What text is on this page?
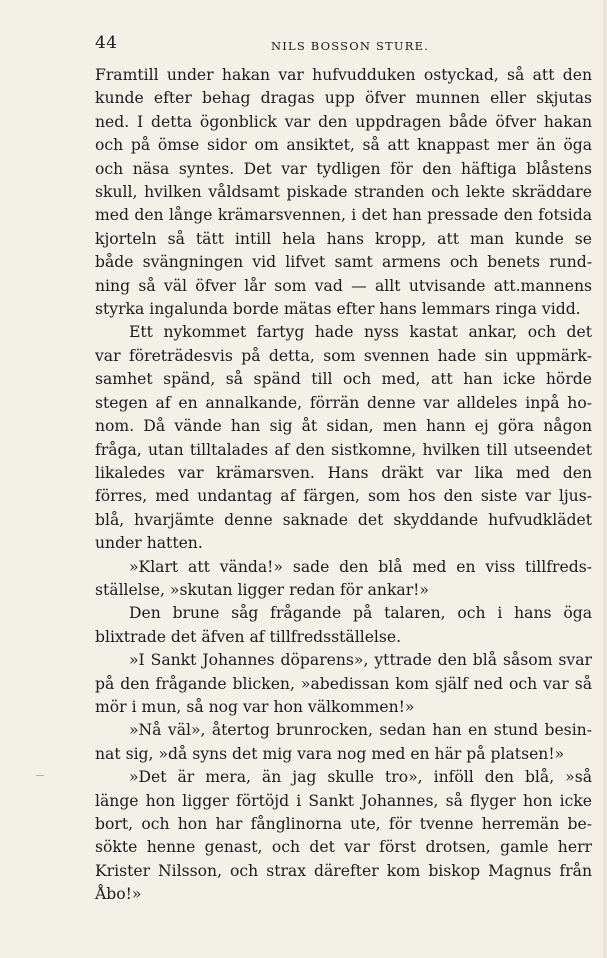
44	NILS BOSSON STURE.

Framtill under hakan var hufvudduken ostyckad, så att den

kunde efter behag dragas upp öfver munnen eller skjutas

ned. I detta ögonblick var den uppdragen både öfver hakan

och på ömse sidor om ansiktet, så att knappast mer än ögа

och näsa syntes. Det var tydligen för den häftiga blåstens

skull, hvilken våldsamt piskade stranden och lekte skräddare

med den långe krämarsvennen, i det han pressade den fotsida

kjorteln så tätt intill hela hans kropp, att man kunde se

både svängningen vid lifvet samt armens och benets rund-

ning så väl öfver lår som vad — allt utvisande att.mannens

styrka ingalunda borde mätas efter hans lemmars ringa vidd.

Ett nykommet fartyg hade nyss kastat ankar, och det

var företrädesvis på detta, som svennen hade sin uppmärk-

samhet spänd, så spänd till och med, att han icke hörde

stegen af en annalkande, förrän denne var alldeles inpå ho-

nom. Då vände han sig åt sidan, men hann ej göra någon

fråga, utan tilltalades af den sistkomne, hvilken till utseendet

likaledes var krämarsven. Hans dräkt var lika med den

förres, med undantag af färgen, som hos den siste var ljus-

blå, hvarjämte denne saknade det skyddande hufvudklädet

under hatten.

»Klart att vända!» sade den blå med en viss tillfreds-

ställelse, »skutan ligger redan för ankar!»

Den brune såg frågande på talaren, och i hans öga

blixtrade det äfven af tillfredsställelse.

»I Sankt Johannes döparens», yttrade den blå såsom svar

på den frågande blicken, »abedissan kom själf ned och var så

mör i mun, så nog var hon välkommen!»

»Nå väl», återtog brunrocken, sedan han en stund besin-

nat sig, »då syns det mig vara nog med en här på platsen!»

»Det är mera, än jag skulle tro», inföll den blå, »så

länge hon ligger förtöjd i Sankt Johannes, så flyger hon icke

bort, och hon har fånglinorna ute, för tvenne herremän be-

sökte henne genast, och det var först drotsen, gamle herr

Krister Nilsson, och strax därefter kom biskop Magnus från

Åbo!»
